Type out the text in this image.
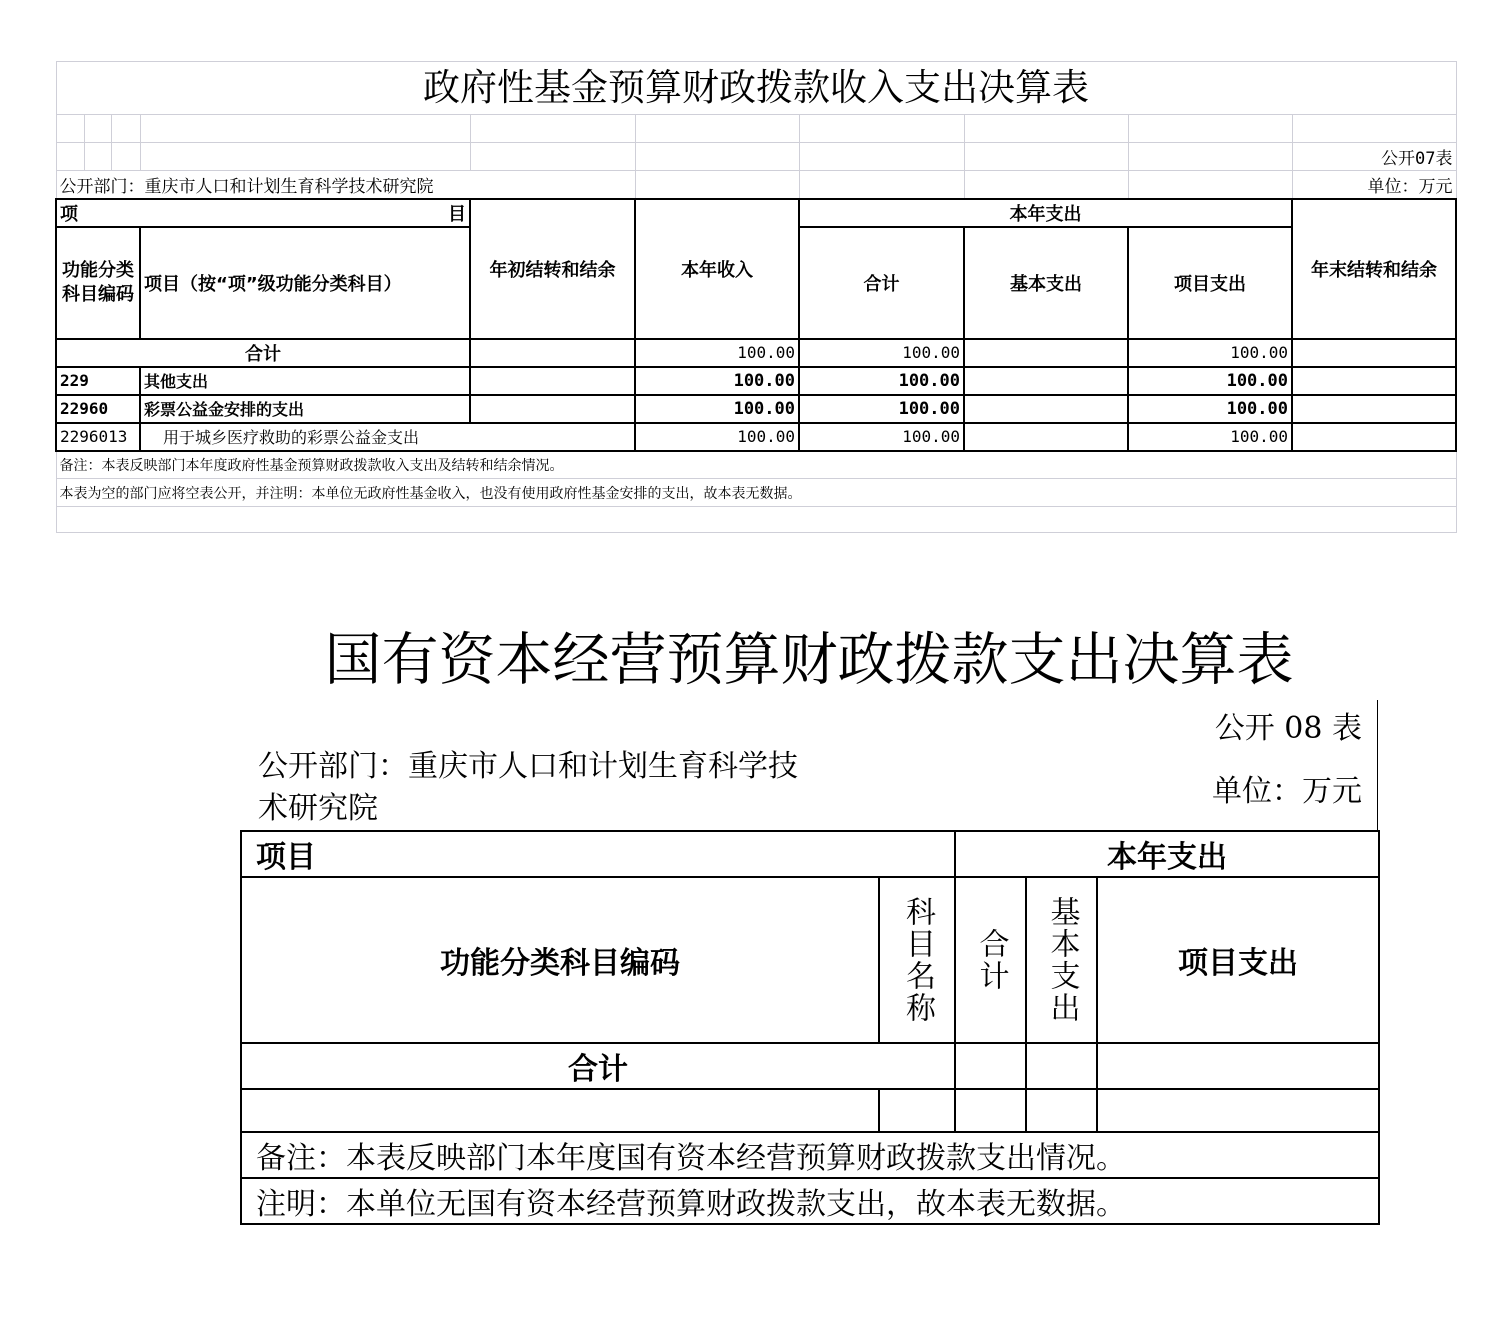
政府性基金预算财政拨款收入支出决算表									

									公开07表
公开部门：重庆市人口和计划生育科学技术研究院									单位：万元
项 目				年初结转和结余	本年收入	本年支出			年末结转和结余
功能分类科目编码			项目（按“项”级功能分类科目）			合计	基本支出	项目支出	
合计					100.00	100.00		100.00	
229			其他支出		100.00	100.00		100.00	
22960			彩票公益金安排的支出		100.00	100.00		100.00	
2296013			用于城乡医疗救助的彩票公益金支出		100.00	100.00		100.00	
备注：本表反映部门本年度政府性基金预算财政拨款收入支出及结转和结余情况。									
本表为空的部门应将空表公开，并注明：本单位无政府性基金收入，也没有使用政府性基金安排的支出，故本表无数据。									

国有资本经营预算财政拨款支出决算表
公开 08 表
公开部门：重庆市人口和计划生育科学技术研究院	单位：万元
项目		本年支出		
功能分类科目编码	科目名称	合计	基本支出	项目支出
合计				

备注：本表反映部门本年度国有资本经营预算财政拨款支出情况。				
注明：本单位无国有资本经营预算财政拨款支出，故本表无数据。				
